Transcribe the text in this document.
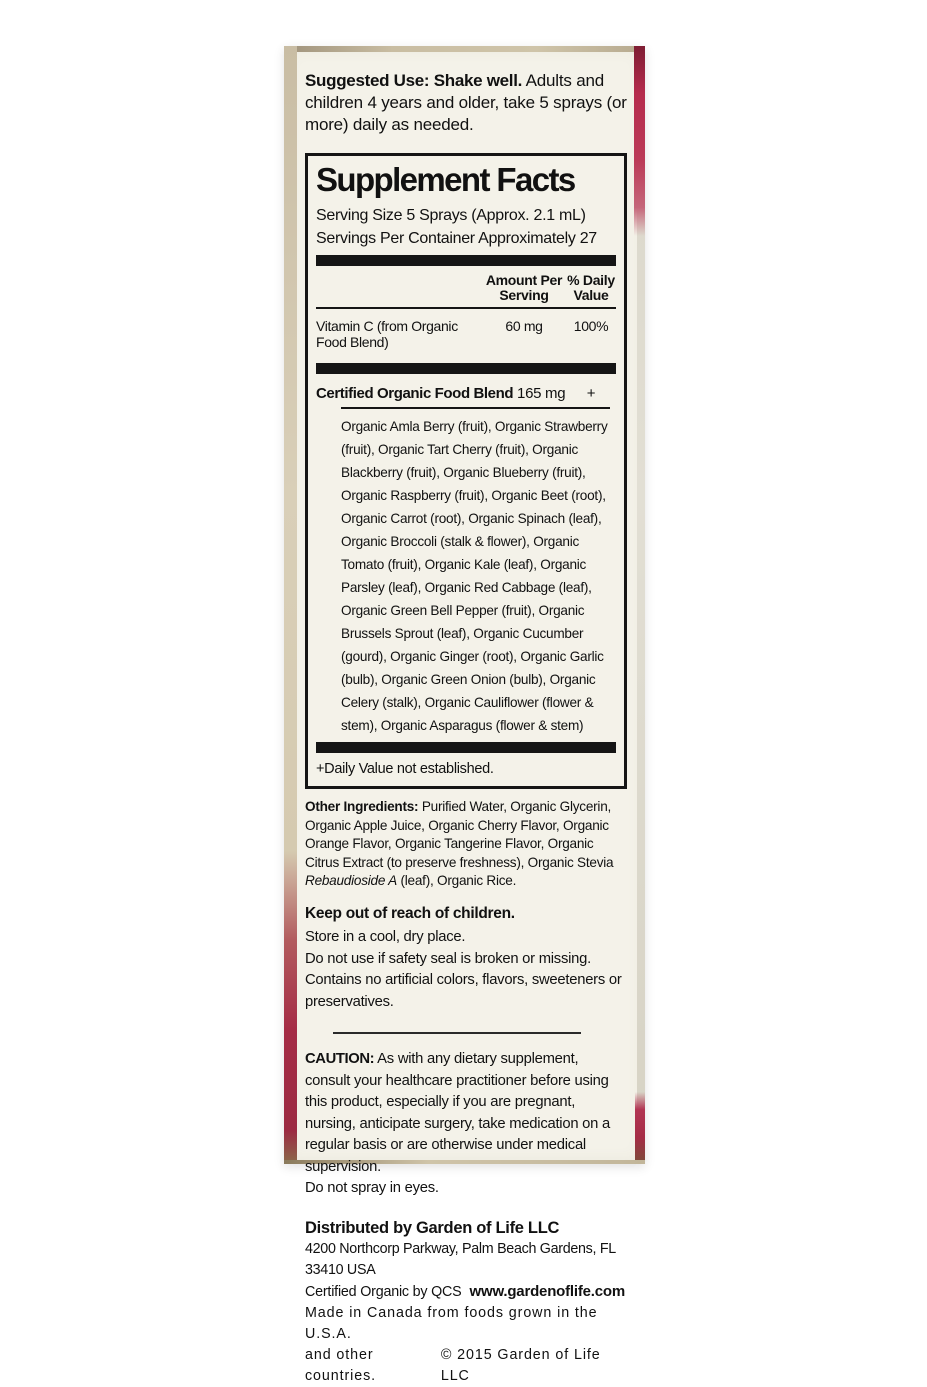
Suggested Use: Shake well. Adults and children 4 years and older, take 5 sprays (or more) daily as needed.

Supplement Facts
Serving Size 5 Sprays (Approx. 2.1 mL)
Servings Per Container Approximately 27
Amount Per
Serving
% Daily
Value
Vitamin C (from Organic Food Blend)
60 mg	100%
Certified Organic Food Blend 165 mg	+

Organic Amla Berry (fruit), Organic Strawberry (fruit), Organic Tart Cherry (fruit), Organic Blackberry (fruit), Organic Blueberry (fruit), Organic Raspberry (fruit), Organic Beet (root), Organic Carrot (root), Organic Spinach (leaf), Organic Broccoli (stalk & flower), Organic Tomato (fruit), Organic Kale (leaf), Organic Parsley (leaf), Organic Red Cabbage (leaf), Organic Green Bell Pepper (fruit), Organic Brussels Sprout (leaf), Organic Cucumber (gourd), Organic Ginger (root), Organic Garlic (bulb), Organic Green Onion (bulb), Organic Celery (stalk), Organic Cauliflower (flower & stem), Organic Asparagus (flower & stem)

+Daily Value not established.

Other Ingredients: Purified Water, Organic Glycerin, Organic Apple Juice, Organic Cherry Flavor, Organic Orange Flavor, Organic Tangerine Flavor, Organic Citrus Extract (to preserve freshness), Organic Stevia Rebaudioside A (leaf), Organic Rice.

Keep out of reach of children.
Store in a cool, dry place.
Do not use if safety seal is broken or missing.
Contains no artificial colors, flavors, sweeteners or preservatives.

CAUTION: As with any dietary supplement, consult your healthcare practitioner before using this product, especially if you are pregnant, nursing, anticipate surgery, take medication on a regular basis or are otherwise under medical supervision.

Do not spray in eyes.
Distributed by Garden of Life LLC
4200 Northcorp Parkway, Palm Beach Gardens, FL 33410 USA
Certified Organic by QCS www.gardenoflife.com
Made in Canada from foods grown in the U.S.A.
and other countries.
© 2015 Garden of Life LLC
